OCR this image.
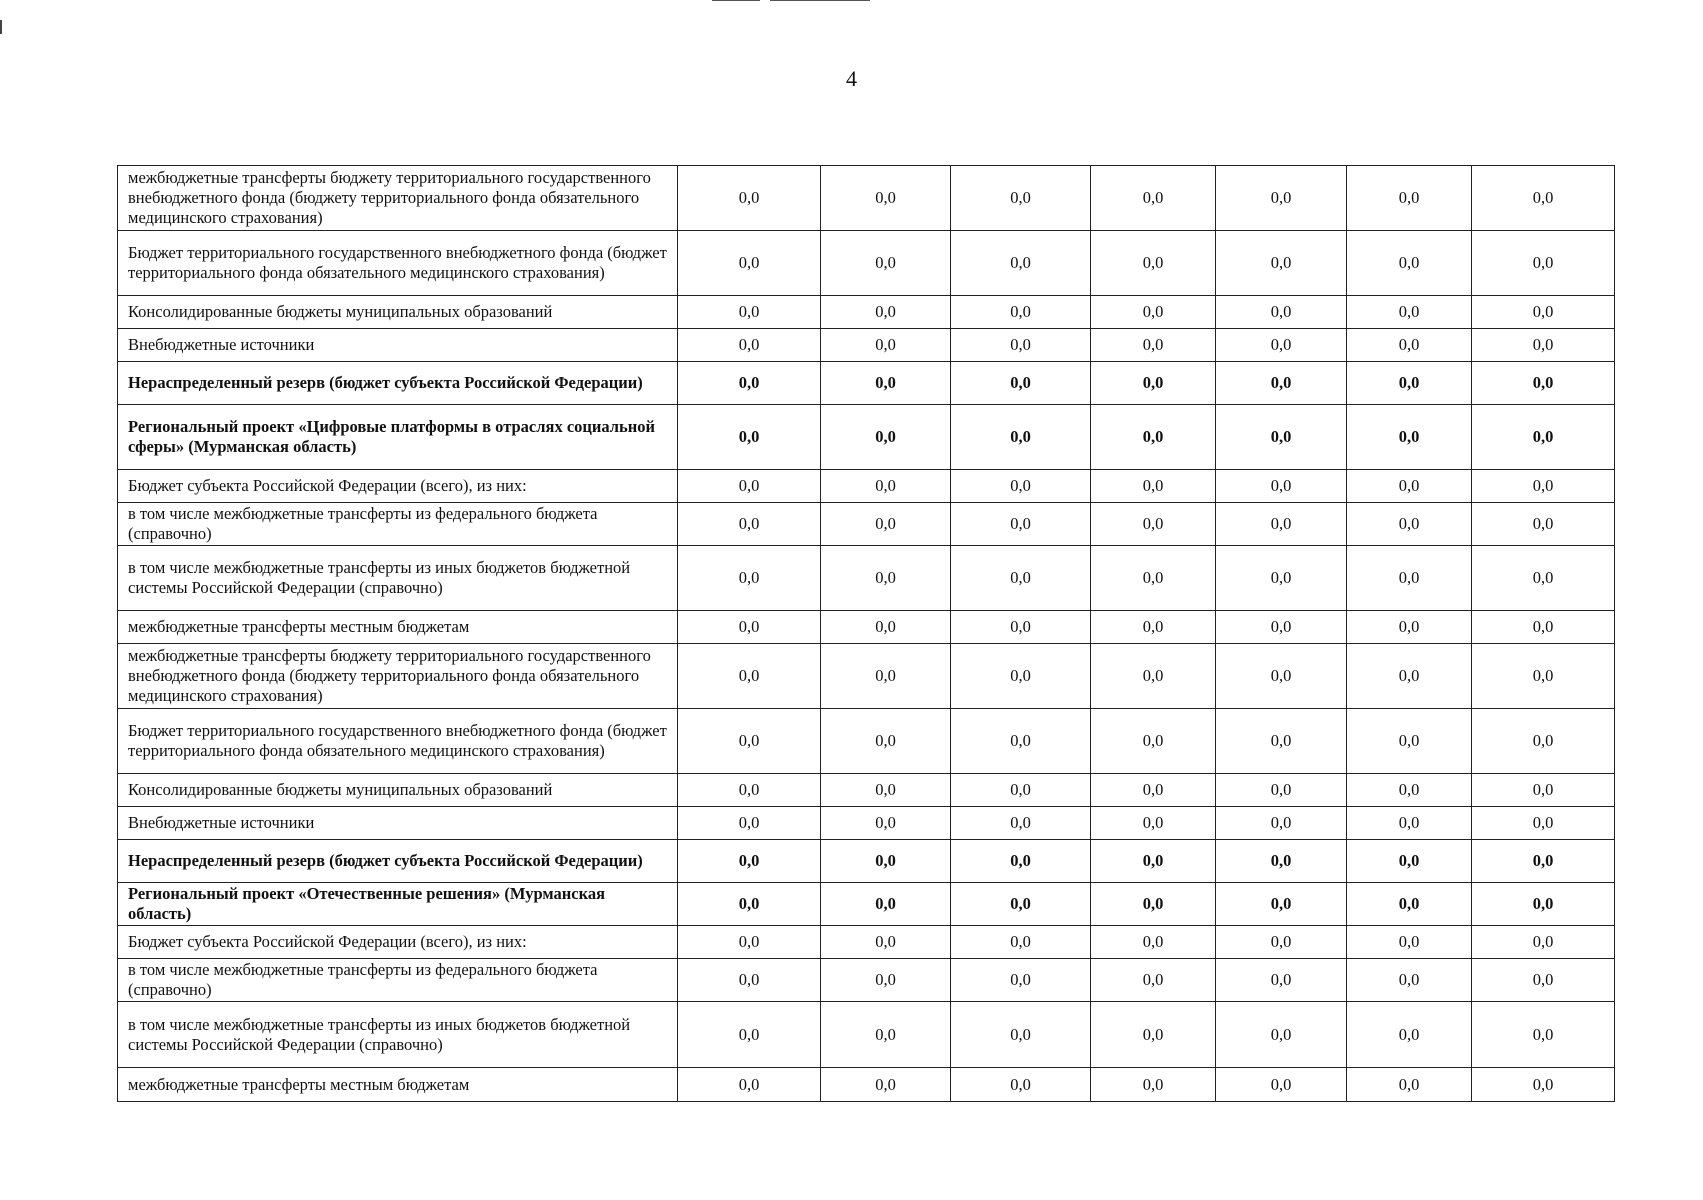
4
межбюджетные трансферты бюджету территориального государственного внебюджетного фонда (бюджету территориального фонда обязательного медицинского страхования)	0,0	0,0	0,0	0,0	0,0	0,0	0,0
Бюджет территориального государственного внебюджетного фонда (бюджет территориального фонда обязательного медицинского страхования)	0,0	0,0	0,0	0,0	0,0	0,0	0,0
Консолидированные бюджеты муниципальных образований	0,0	0,0	0,0	0,0	0,0	0,0	0,0
Внебюджетные источники	0,0	0,0	0,0	0,0	0,0	0,0	0,0
Нераспределенный резерв (бюджет субъекта Российской Федерации)	0,0	0,0	0,0	0,0	0,0	0,0	0,0
Региональный проект «Цифровые платформы в отраслях социальной сферы» (Мурманская область)	0,0	0,0	0,0	0,0	0,0	0,0	0,0
Бюджет субъекта Российской Федерации (всего), из них:	0,0	0,0	0,0	0,0	0,0	0,0	0,0
в том числе межбюджетные трансферты из федерального бюджета (справочно)	0,0	0,0	0,0	0,0	0,0	0,0	0,0
в том числе межбюджетные трансферты из иных бюджетов бюджетной системы Российской Федерации (справочно)	0,0	0,0	0,0	0,0	0,0	0,0	0,0
межбюджетные трансферты местным бюджетам	0,0	0,0	0,0	0,0	0,0	0,0	0,0
межбюджетные трансферты бюджету территориального государственного внебюджетного фонда (бюджету территориального фонда обязательного медицинского страхования)	0,0	0,0	0,0	0,0	0,0	0,0	0,0
Бюджет территориального государственного внебюджетного фонда (бюджет территориального фонда обязательного медицинского страхования)	0,0	0,0	0,0	0,0	0,0	0,0	0,0
Консолидированные бюджеты муниципальных образований	0,0	0,0	0,0	0,0	0,0	0,0	0,0
Внебюджетные источники	0,0	0,0	0,0	0,0	0,0	0,0	0,0
Нераспределенный резерв (бюджет субъекта Российской Федерации)	0,0	0,0	0,0	0,0	0,0	0,0	0,0
Региональный проект «Отечественные решения» (Мурманская область)	0,0	0,0	0,0	0,0	0,0	0,0	0,0
Бюджет субъекта Российской Федерации (всего), из них:	0,0	0,0	0,0	0,0	0,0	0,0	0,0
в том числе межбюджетные трансферты из федерального бюджета (справочно)	0,0	0,0	0,0	0,0	0,0	0,0	0,0
в том числе межбюджетные трансферты из иных бюджетов бюджетной системы Российской Федерации (справочно)	0,0	0,0	0,0	0,0	0,0	0,0	0,0
межбюджетные трансферты местным бюджетам	0,0	0,0	0,0	0,0	0,0	0,0	0,0
